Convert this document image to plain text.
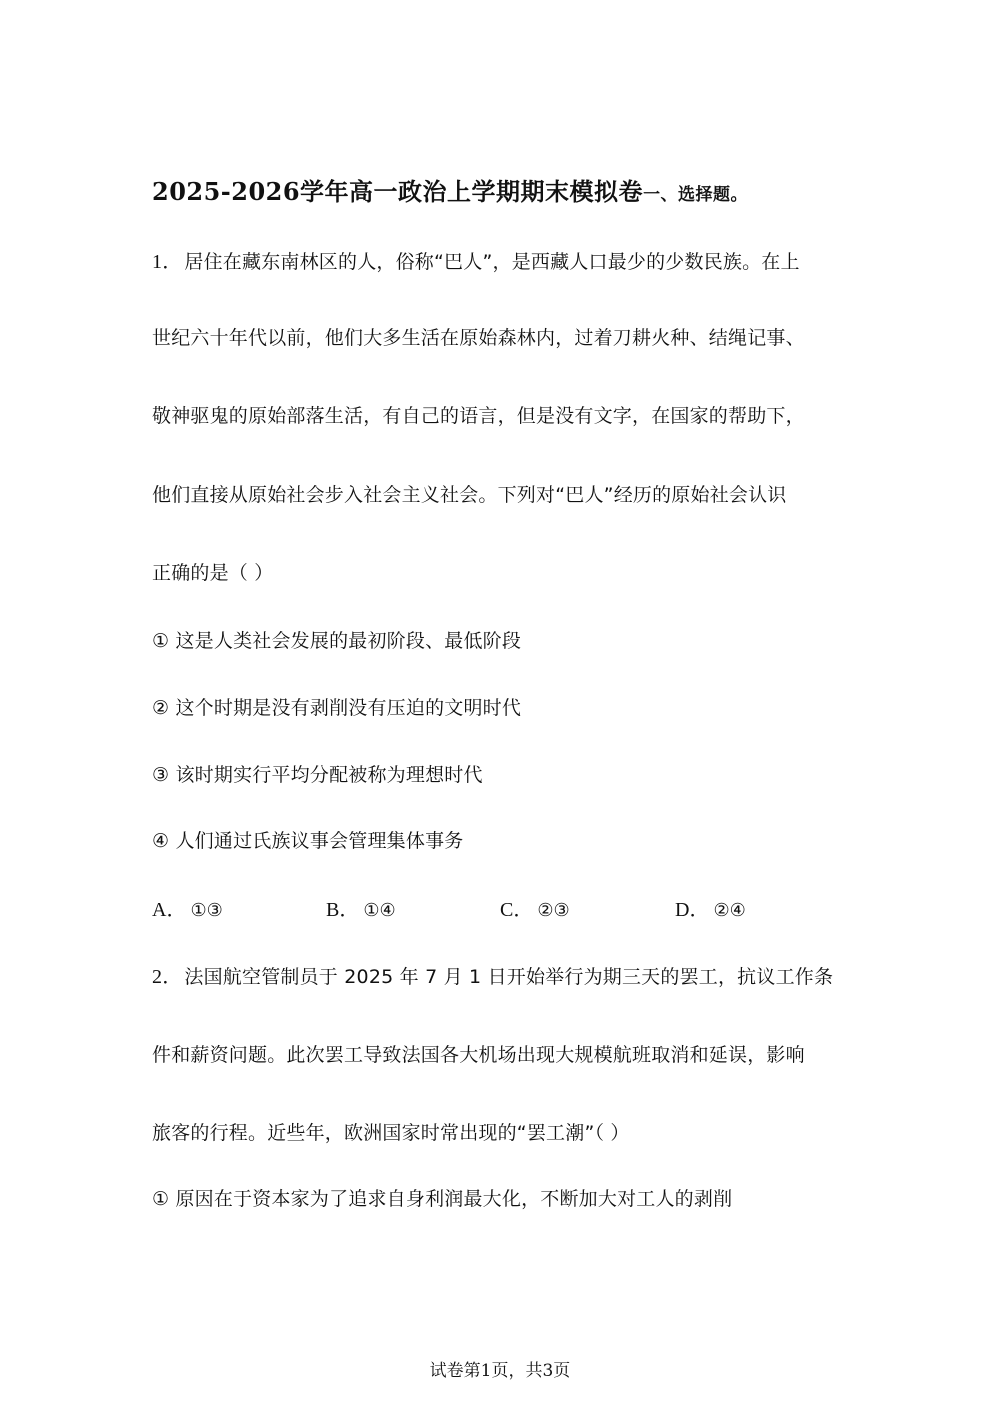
2025-2026学年高一政治上学期期末模拟卷一、选择题。
1． 居住在藏东南林区的人，俗称“巴人”，是西藏人口最少的少数民族。在上
世纪六十年代以前，他们大多生活在原始森林内，过着刀耕火种、结绳记事、
敬神驱鬼的原始部落生活，有自己的语言，但是没有文字，在国家的帮助下，
他们直接从原始社会步入社会主义社会。下列对“巴人”经历的原始社会认识
正确的是（ ）
① 这是人类社会发展的最初阶段、最低阶段
② 这个时期是没有剥削没有压迫的文明时代
③ 该时期实行平均分配被称为理想时代
④ 人们通过氏族议事会管理集体事务
A． ①③	B． ①④	C． ②③	D． ②④
2． 法国航空管制员于 2025 年 7 月 1 日开始举行为期三天的罢工，抗议工作条
件和薪资问题。此次罢工导致法国各大机场出现大规模航班取消和延误，影响
旅客的行程。近些年，欧洲国家时常出现的“罢工潮”（ ）
① 原因在于资本家为了追求自身利润最大化，不断加大对工人的剥削
试卷第1页，共3页
